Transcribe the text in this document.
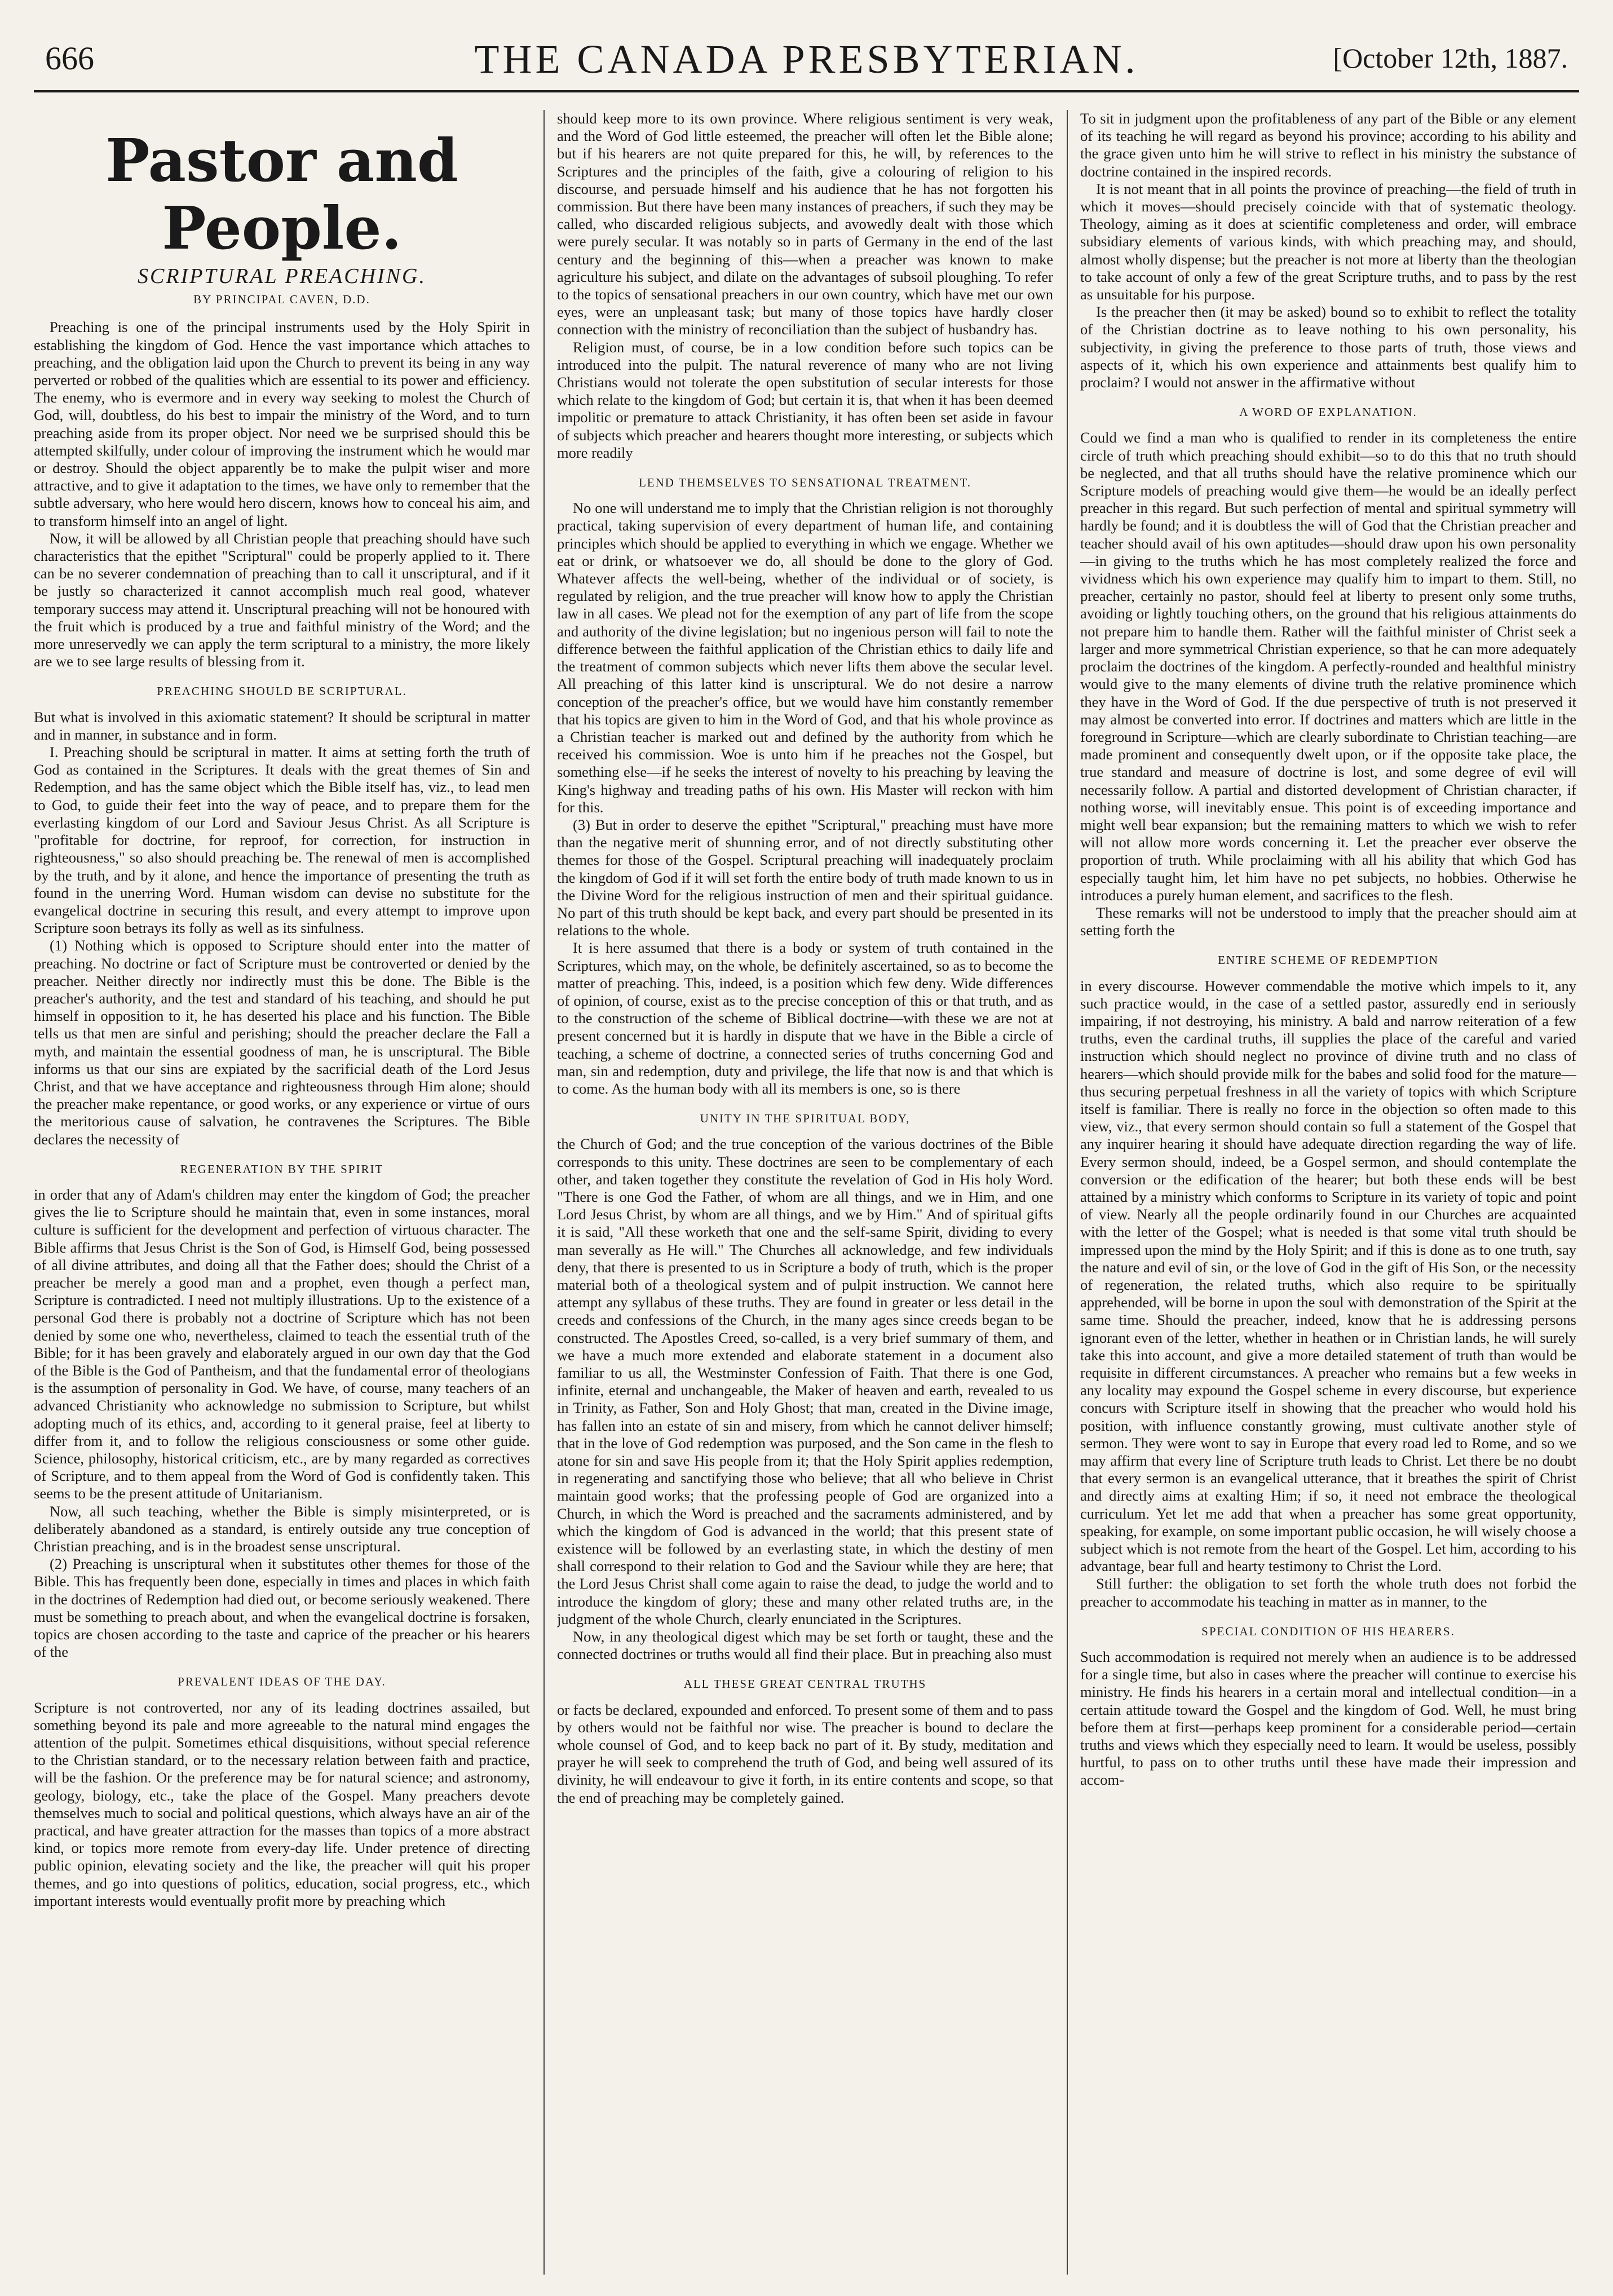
666	THE CANADA PRESBYTERIAN.	[October 12th, 1887.
Pastor and People.
SCRIPTURAL PREACHING.
BY PRINCIPAL CAVEN, D.D.

Preaching is one of the principal instruments used by the Holy Spirit in establishing the kingdom of God. Hence the vast importance which attaches to preaching, and the obligation laid upon the Church to prevent its being in any way perverted or robbed of the qualities which are essential to its power and efficiency. The enemy, who is evermore and in every way seeking to molest the Church of God, will, doubtless, do his best to impair the ministry of the Word, and to turn preaching aside from its proper object. Nor need we be surprised should this be attempted skilfully, under colour of improving the instrument which he would mar or destroy. Should the object apparently be to make the pulpit wiser and more attractive, and to give it adaptation to the times, we have only to remember that the subtle adversary, who here would hero discern, knows how to conceal his aim, and to transform himself into an angel of light.

Now, it will be allowed by all Christian people that preaching should have such characteristics that the epithet "Scriptural" could be properly applied to it. There can be no severer condemnation of preaching than to call it unscriptural, and if it be justly so characterized it cannot accomplish much real good, whatever temporary success may attend it. Unscriptural preaching will not be honoured with the fruit which is produced by a true and faithful ministry of the Word; and the more unreservedly we can apply the term scriptural to a ministry, the more likely are we to see large results of blessing from it.

PREACHING SHOULD BE SCRIPTURAL.

But what is involved in this axiomatic statement? It should be scriptural in matter and in manner, in substance and in form.

I. Preaching should be scriptural in matter. It aims at setting forth the truth of God as contained in the Scriptures. It deals with the great themes of Sin and Redemption, and has the same object which the Bible itself has, viz., to lead men to God, to guide their feet into the way of peace, and to prepare them for the everlasting kingdom of our Lord and Saviour Jesus Christ. As all Scripture is "profitable for doctrine, for reproof, for correction, for instruction in righteousness," so also should preaching be. The renewal of men is accomplished by the truth, and by it alone, and hence the importance of presenting the truth as found in the unerring Word. Human wisdom can devise no substitute for the evangelical doctrine in securing this result, and every attempt to improve upon Scripture soon betrays its folly as well as its sinfulness.

(1) Nothing which is opposed to Scripture should enter into the matter of preaching. No doctrine or fact of Scripture must be controverted or denied by the preacher. Neither directly nor indirectly must this be done. The Bible is the preacher's authority, and the test and standard of his teaching, and should he put himself in opposition to it, he has deserted his place and his function. The Bible tells us that men are sinful and perishing; should the preacher declare the Fall a myth, and maintain the essential goodness of man, he is unscriptural. The Bible informs us that our sins are expiated by the sacrificial death of the Lord Jesus Christ, and that we have acceptance and righteousness through Him alone; should the preacher make repentance, or good works, or any experience or virtue of ours the meritorious cause of salvation, he contravenes the Scriptures. The Bible declares the necessity of

REGENERATION BY THE SPIRIT

in order that any of Adam's children may enter the kingdom of God; the preacher gives the lie to Scripture should he maintain that, even in some instances, moral culture is sufficient for the development and perfection of virtuous character. The Bible affirms that Jesus Christ is the Son of God, is Himself God, being possessed of all divine attributes, and doing all that the Father does; should the Christ of a preacher be merely a good man and a prophet, even though a perfect man, Scripture is contradicted. I need not multiply illustrations. Up to the existence of a personal God there is probably not a doctrine of Scripture which has not been denied by some one who, nevertheless, claimed to teach the essential truth of the Bible; for it has been gravely and elaborately argued in our own day that the God of the Bible is the God of Pantheism, and that the fundamental error of theologians is the assumption of personality in God. We have, of course, many teachers of an advanced Christianity who acknowledge no submission to Scripture, but whilst adopting much of its ethics, and, according to it general praise, feel at liberty to differ from it, and to follow the religious consciousness or some other guide. Science, philosophy, historical criticism, etc., are by many regarded as correctives of Scripture, and to them appeal from the Word of God is confidently taken. This seems to be the present attitude of Unitarianism.

Now, all such teaching, whether the Bible is simply misinterpreted, or is deliberately abandoned as a standard, is entirely outside any true conception of Christian preaching, and is in the broadest sense unscriptural.

(2) Preaching is unscriptural when it substitutes other themes for those of the Bible. This has frequently been done, especially in times and places in which faith in the doctrines of Redemption had died out, or become seriously weakened. There must be something to preach about, and when the evangelical doctrine is forsaken, topics are chosen according to the taste and caprice of the preacher or his hearers of the

PREVALENT IDEAS OF THE DAY.

Scripture is not controverted, nor any of its leading doctrines assailed, but something beyond its pale and more agreeable to the natural mind engages the attention of the pulpit. Sometimes ethical disquisitions, without special reference to the Christian standard, or to the necessary relation between faith and practice, will be the fashion. Or the preference may be for natural science; and astronomy, geology, biology, etc., take the place of the Gospel. Many preachers devote themselves much to social and political questions, which always have an air of the practical, and have greater attraction for the masses than topics of a more abstract kind, or topics more remote from every-day life. Under pretence of directing public opinion, elevating society and the like, the preacher will quit his proper themes, and go into questions of politics, education, social progress, etc., which important interests would eventually profit more by preaching which

should keep more to its own province. Where religious sentiment is very weak, and the Word of God little esteemed, the preacher will often let the Bible alone; but if his hearers are not quite prepared for this, he will, by references to the Scriptures and the principles of the faith, give a colouring of religion to his discourse, and persuade himself and his audience that he has not forgotten his commission. But there have been many instances of preachers, if such they may be called, who discarded religious subjects, and avowedly dealt with those which were purely secular. It was notably so in parts of Germany in the end of the last century and the beginning of this—when a preacher was known to make agriculture his subject, and dilate on the advantages of subsoil ploughing. To refer to the topics of sensational preachers in our own country, which have met our own eyes, were an unpleasant task; but many of those topics have hardly closer connection with the ministry of reconciliation than the subject of husbandry has.

Religion must, of course, be in a low condition before such topics can be introduced into the pulpit. The natural reverence of many who are not living Christians would not tolerate the open substitution of secular interests for those which relate to the kingdom of God; but certain it is, that when it has been deemed impolitic or premature to attack Christianity, it has often been set aside in favour of subjects which preacher and hearers thought more interesting, or subjects which more readily

LEND THEMSELVES TO SENSATIONAL TREATMENT.

No one will understand me to imply that the Christian religion is not thoroughly practical, taking supervision of every department of human life, and containing principles which should be applied to everything in which we engage. Whether we eat or drink, or whatsoever we do, all should be done to the glory of God. Whatever affects the well-being, whether of the individual or of society, is regulated by religion, and the true preacher will know how to apply the Christian law in all cases. We plead not for the exemption of any part of life from the scope and authority of the divine legislation; but no ingenious person will fail to note the difference between the faithful application of the Christian ethics to daily life and the treatment of common subjects which never lifts them above the secular level. All preaching of this latter kind is unscriptural. We do not desire a narrow conception of the preacher's office, but we would have him constantly remember that his topics are given to him in the Word of God, and that his whole province as a Christian teacher is marked out and defined by the authority from which he received his commission. Woe is unto him if he preaches not the Gospel, but something else—if he seeks the interest of novelty to his preaching by leaving the King's highway and treading paths of his own. His Master will reckon with him for this.

(3) But in order to deserve the epithet "Scriptural," preaching must have more than the negative merit of shunning error, and of not directly substituting other themes for those of the Gospel. Scriptural preaching will inadequately proclaim the kingdom of God if it will set forth the entire body of truth made known to us in the Divine Word for the religious instruction of men and their spiritual guidance. No part of this truth should be kept back, and every part should be presented in its relations to the whole.

It is here assumed that there is a body or system of truth contained in the Scriptures, which may, on the whole, be definitely ascertained, so as to become the matter of preaching. This, indeed, is a position which few deny. Wide differences of opinion, of course, exist as to the precise conception of this or that truth, and as to the construction of the scheme of Biblical doctrine—with these we are not at present concerned but it is hardly in dispute that we have in the Bible a circle of teaching, a scheme of doctrine, a connected series of truths concerning God and man, sin and redemption, duty and privilege, the life that now is and that which is to come. As the human body with all its members is one, so is there

UNITY IN THE SPIRITUAL BODY,

the Church of God; and the true conception of the various doctrines of the Bible corresponds to this unity. These doctrines are seen to be complementary of each other, and taken together they constitute the revelation of God in His holy Word. "There is one God the Father, of whom are all things, and we in Him, and one Lord Jesus Christ, by whom are all things, and we by Him." And of spiritual gifts it is said, "All these worketh that one and the self-same Spirit, dividing to every man severally as He will." The Churches all acknowledge, and few individuals deny, that there is presented to us in Scripture a body of truth, which is the proper material both of a theological system and of pulpit instruction. We cannot here attempt any syllabus of these truths. They are found in greater or less detail in the creeds and confessions of the Church, in the many ages since creeds began to be constructed. The Apostles Creed, so-called, is a very brief summary of them, and we have a much more extended and elaborate statement in a document also familiar to us all, the Westminster Confession of Faith. That there is one God, infinite, eternal and unchangeable, the Maker of heaven and earth, revealed to us in Trinity, as Father, Son and Holy Ghost; that man, created in the Divine image, has fallen into an estate of sin and misery, from which he cannot deliver himself; that in the love of God redemption was purposed, and the Son came in the flesh to atone for sin and save His people from it; that the Holy Spirit applies redemption, in regenerating and sanctifying those who believe; that all who believe in Christ maintain good works; that the professing people of God are organized into a Church, in which the Word is preached and the sacraments administered, and by which the kingdom of God is advanced in the world; that this present state of existence will be followed by an everlasting state, in which the destiny of men shall correspond to their relation to God and the Saviour while they are here; that the Lord Jesus Christ shall come again to raise the dead, to judge the world and to introduce the kingdom of glory; these and many other related truths are, in the judgment of the whole Church, clearly enunciated in the Scriptures.

Now, in any theological digest which may be set forth or taught, these and the connected doctrines or truths would all find their place. But in preaching also must

ALL THESE GREAT CENTRAL TRUTHS

or facts be declared, expounded and enforced. To present some of them and to pass by others would not be faithful nor wise. The preacher is bound to declare the whole counsel of God, and to keep back no part of it. By study, meditation and prayer he will seek to comprehend the truth of God, and being well assured of its divinity, he will endeavour to give it forth, in its entire contents and scope, so that the end of preaching may be completely gained.

To sit in judgment upon the profitableness of any part of the Bible or any element of its teaching he will regard as beyond his province; according to his ability and the grace given unto him he will strive to reflect in his ministry the substance of doctrine contained in the inspired records.

It is not meant that in all points the province of preaching—the field of truth in which it moves—should precisely coincide with that of systematic theology. Theology, aiming as it does at scientific completeness and order, will embrace subsidiary elements of various kinds, with which preaching may, and should, almost wholly dispense; but the preacher is not more at liberty than the theologian to take account of only a few of the great Scripture truths, and to pass by the rest as unsuitable for his purpose.

Is the preacher then (it may be asked) bound so to exhibit to reflect the totality of the Christian doctrine as to leave nothing to his own personality, his subjectivity, in giving the preference to those parts of truth, those views and aspects of it, which his own experience and attainments best qualify him to proclaim? I would not answer in the affirmative without

A WORD OF EXPLANATION.

Could we find a man who is qualified to render in its completeness the entire circle of truth which preaching should exhibit—so to do this that no truth should be neglected, and that all truths should have the relative prominence which our Scripture models of preaching would give them—he would be an ideally perfect preacher in this regard. But such perfection of mental and spiritual symmetry will hardly be found; and it is doubtless the will of God that the Christian preacher and teacher should avail of his own aptitudes—should draw upon his own personality—in giving to the truths which he has most completely realized the force and vividness which his own experience may qualify him to impart to them. Still, no preacher, certainly no pastor, should feel at liberty to present only some truths, avoiding or lightly touching others, on the ground that his religious attainments do not prepare him to handle them. Rather will the faithful minister of Christ seek a larger and more symmetrical Christian experience, so that he can more adequately proclaim the doctrines of the kingdom. A perfectly-rounded and healthful ministry would give to the many elements of divine truth the relative prominence which they have in the Word of God. If the due perspective of truth is not preserved it may almost be converted into error. If doctrines and matters which are little in the foreground in Scripture—which are clearly subordinate to Christian teaching—are made prominent and consequently dwelt upon, or if the opposite take place, the true standard and measure of doctrine is lost, and some degree of evil will necessarily follow. A partial and distorted development of Christian character, if nothing worse, will inevitably ensue. This point is of exceeding importance and might well bear expansion; but the remaining matters to which we wish to refer will not allow more words concerning it. Let the preacher ever observe the proportion of truth. While proclaiming with all his ability that which God has especially taught him, let him have no pet subjects, no hobbies. Otherwise he introduces a purely human element, and sacrifices to the flesh.

These remarks will not be understood to imply that the preacher should aim at setting forth the

ENTIRE SCHEME OF REDEMPTION

in every discourse. However commendable the motive which impels to it, any such practice would, in the case of a settled pastor, assuredly end in seriously impairing, if not destroying, his ministry. A bald and narrow reiteration of a few truths, even the cardinal truths, ill supplies the place of the careful and varied instruction which should neglect no province of divine truth and no class of hearers—which should provide milk for the babes and solid food for the mature—thus securing perpetual freshness in all the variety of topics with which Scripture itself is familiar. There is really no force in the objection so often made to this view, viz., that every sermon should contain so full a statement of the Gospel that any inquirer hearing it should have adequate direction regarding the way of life. Every sermon should, indeed, be a Gospel sermon, and should contemplate the conversion or the edification of the hearer; but both these ends will be best attained by a ministry which conforms to Scripture in its variety of topic and point of view. Nearly all the people ordinarily found in our Churches are acquainted with the letter of the Gospel; what is needed is that some vital truth should be impressed upon the mind by the Holy Spirit; and if this is done as to one truth, say the nature and evil of sin, or the love of God in the gift of His Son, or the necessity of regeneration, the related truths, which also require to be spiritually apprehended, will be borne in upon the soul with demonstration of the Spirit at the same time. Should the preacher, indeed, know that he is addressing persons ignorant even of the letter, whether in heathen or in Christian lands, he will surely take this into account, and give a more detailed statement of truth than would be requisite in different circumstances. A preacher who remains but a few weeks in any locality may expound the Gospel scheme in every discourse, but experience concurs with Scripture itself in showing that the preacher who would hold his position, with influence constantly growing, must cultivate another style of sermon. They were wont to say in Europe that every road led to Rome, and so we may affirm that every line of Scripture truth leads to Christ. Let there be no doubt that every sermon is an evangelical utterance, that it breathes the spirit of Christ and directly aims at exalting Him; if so, it need not embrace the theological curriculum. Yet let me add that when a preacher has some great opportunity, speaking, for example, on some important public occasion, he will wisely choose a subject which is not remote from the heart of the Gospel. Let him, according to his advantage, bear full and hearty testimony to Christ the Lord.

Still further: the obligation to set forth the whole truth does not forbid the preacher to accommodate his teaching in matter as in manner, to the

SPECIAL CONDITION OF HIS HEARERS.

Such accommodation is required not merely when an audience is to be addressed for a single time, but also in cases where the preacher will continue to exercise his ministry. He finds his hearers in a certain moral and intellectual condition—in a certain attitude toward the Gospel and the kingdom of God. Well, he must bring before them at first—perhaps keep prominent for a considerable period—certain truths and views which they especially need to learn. It would be useless, possibly hurtful, to pass on to other truths until these have made their impression and accom-
